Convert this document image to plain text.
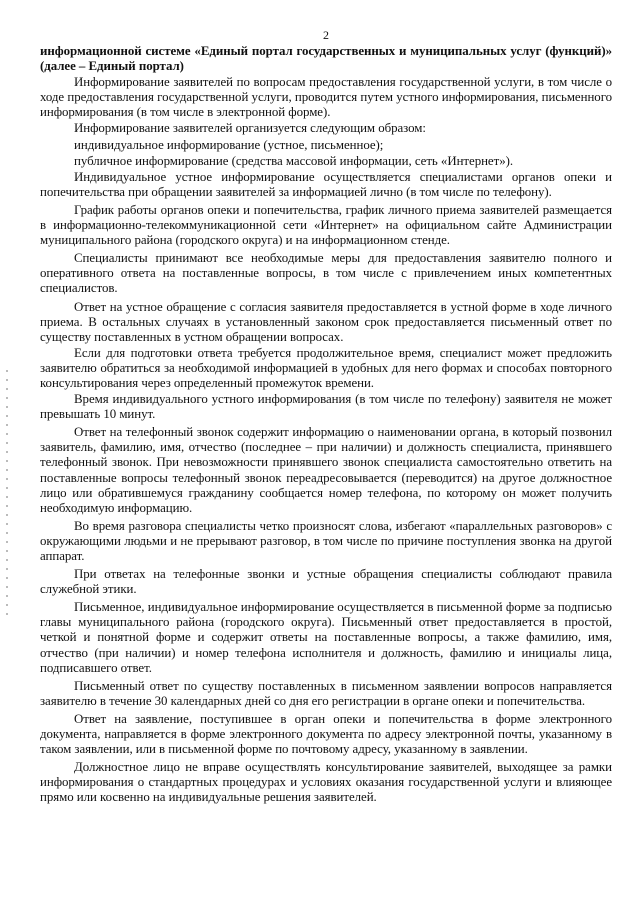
2

информационной системе «Единый портал государственных и муниципальных услуг (функций)» (далее – Единый портал)

Информирование заявителей по вопросам предоставления государственной услуги, в том числе о ходе предоставления государственной услуги, проводится путем устного информирования, письменного информирования (в том числе в электронной форме).

Информирование заявителей организуется следующим образом:

индивидуальное информирование (устное, письменное);

публичное информирование (средства массовой информации, сеть «Интернет»).

Индивидуальное устное информирование осуществляется специалистами органов опеки и попечительства при обращении заявителей за информацией лично (в том числе по телефону).

График работы органов опеки и попечительства, график личного приема заявителей размещается в информационно-телекоммуникационной сети «Интернет» на официальном сайте Администрации муниципального района (городского округа) и на информационном стенде.

Специалисты принимают все необходимые меры для предоставления заявителю полного и оперативного ответа на поставленные вопросы, в том числе с привлечением иных компетентных специалистов.

Ответ на устное обращение с согласия заявителя предоставляется в устной форме в ходе личного приема. В остальных случаях в установленный законом срок предоставляется письменный ответ по существу поставленных в устном обращении вопросах.

Если для подготовки ответа требуется продолжительное время, специалист может предложить заявителю обратиться за необходимой информацией в удобных для него формах и способах повторного консультирования через определенный промежуток времени.

Время индивидуального устного информирования (в том числе по телефону) заявителя не может превышать 10 минут.

Ответ на телефонный звонок содержит информацию о наименовании органа, в который позвонил заявитель, фамилию, имя, отчество (последнее – при наличии) и должность специалиста, принявшего телефонный звонок. При невозможности принявшего звонок специалиста самостоятельно ответить на поставленные вопросы телефонный звонок переадресовывается (переводится) на другое должностное лицо или обратившемуся гражданину сообщается номер телефона, по которому он может получить необходимую информацию.

Во время разговора специалисты четко произносят слова, избегают «параллельных разговоров» с окружающими людьми и не прерывают разговор, в том числе по причине поступления звонка на другой аппарат.

При ответах на телефонные звонки и устные обращения специалисты соблюдают правила служебной этики.

Письменное, индивидуальное информирование осуществляется в письменной форме за подписью главы муниципального района (городского округа). Письменный ответ предоставляется в простой, четкой и понятной форме и содержит ответы на поставленные вопросы, а также фамилию, имя, отчество (при наличии) и номер телефона исполнителя и должность, фамилию и инициалы лица, подписавшего ответ.

Письменный ответ по существу поставленных в письменном заявлении вопросов направляется заявителю в течение 30 календарных дней со дня его регистрации в органе опеки и попечительства.

Ответ на заявление, поступившее в орган опеки и попечительства в форме электронного документа, направляется в форме электронного документа по адресу электронной почты, указанному в таком заявлении, или в письменной форме по почтовому адресу, указанному в заявлении.

Должностное лицо не вправе осуществлять консультирование заявителей, выходящее за рамки информирования о стандартных процедурах и условиях оказания государственной услуги и влияющее прямо или косвенно на индивидуальные решения заявителей.
